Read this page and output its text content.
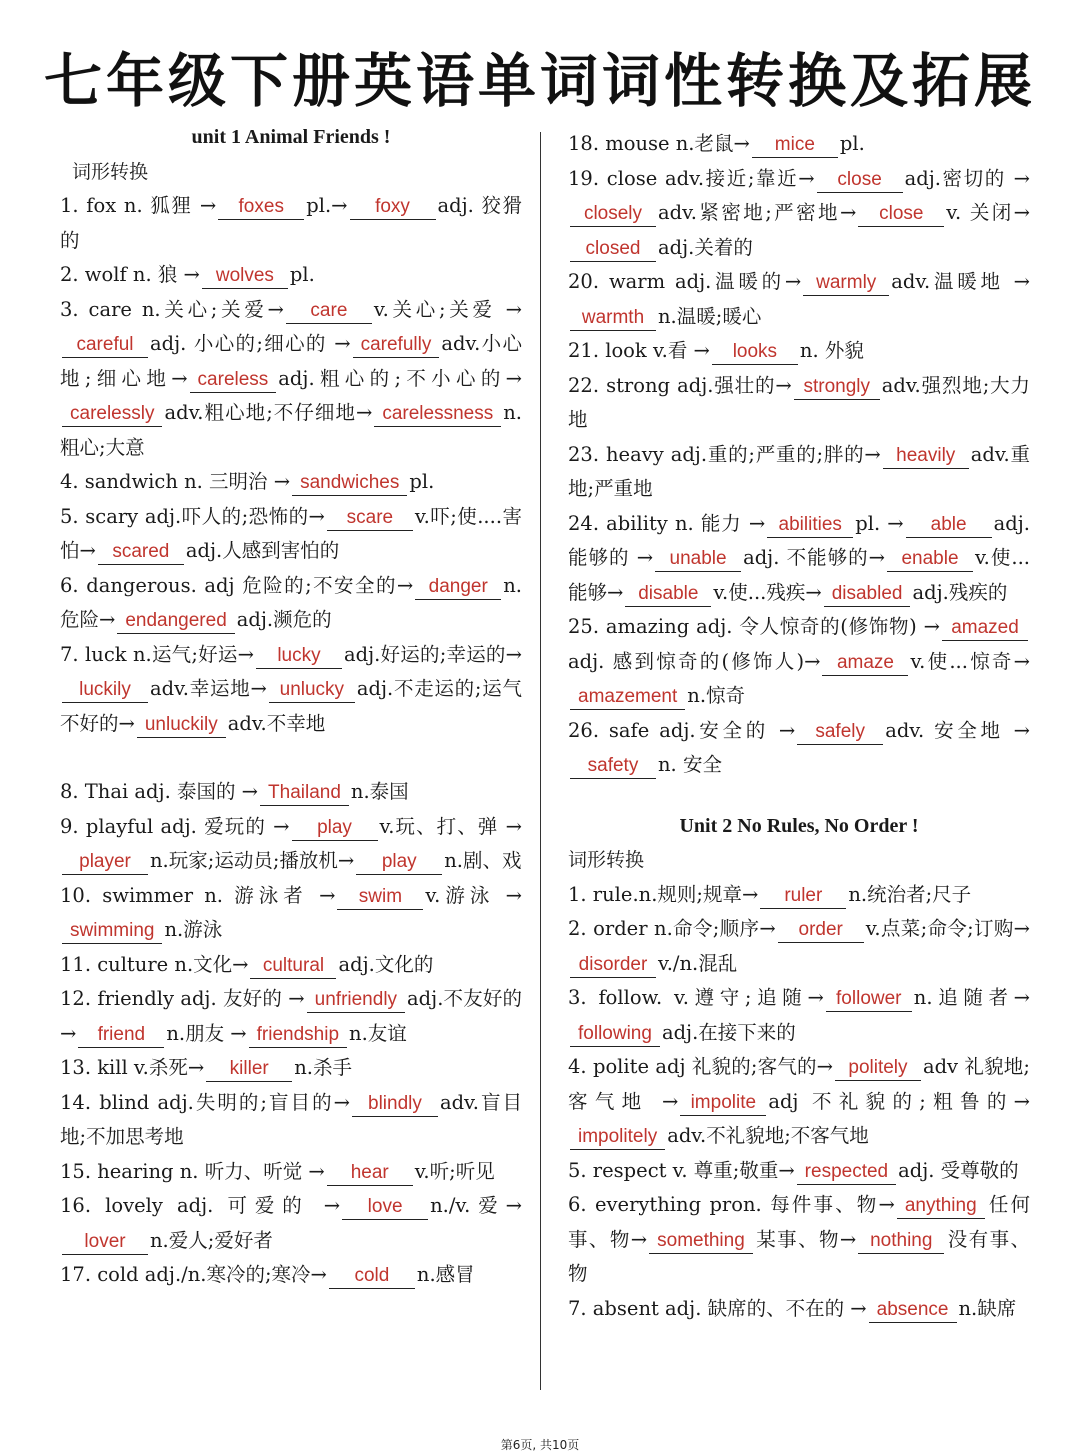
七年级下册英语单词词性转换及拓展

unit 1 Animal Friends !

词形转换

1. fox n. 狐狸 → foxes pl.→ foxy adj. 狡猾的

2. wolf n. 狼 → wolves pl.

3. care n.关心;关爱→ care v.关心;关爱 →careful adj. 小心的;细心的 → carefully adv.小心地;细心地→ careless adj.粗心的;不小心的→carelessly adv.粗心地;不仔细地→ carelessness n.粗心;大意

4. sandwich n. 三明治 → sandwiches pl.

5. scary adj.吓人的;恐怖的→ scare v.吓;使....害怕→ scared adj.人感到害怕的

6. dangerous. adj 危险的;不安全的→ danger n. 危险→ endangered adj.濒危的

7. luck n.运气;好运→ lucky adj.好运的;幸运的→luckily adv.幸运地→ unlucky adj.不走运的;运气不好的→ unluckily adv.不幸地

8. Thai adj. 泰国的 → Thailand n.泰国

9. playful adj. 爱玩的 → play v.玩、打、弹 →player n.玩家;运动员;播放机→ play n.剧、戏

10. swimmer n. 游泳者 → swim v.游泳 →swimming n.游泳

11. culture n.文化→ cultural adj.文化的

12. friendly adj. 友好的 → unfriendly adj.不友好的→ friend n.朋友 → friendship n.友谊

13. kill v.杀死→ killer n.杀手

14. blind adj.失明的;盲目的→ blindly adv.盲目地;不加思考地

15. hearing n. 听力、听觉 → hear v.听;听见

16. lovely adj. 可爱的 → love n./v.爱→lover n.爱人;爱好者

17. cold adj./n.寒冷的;寒冷→ cold n.感冒

18. mouse n.老鼠→ mice pl.

19. close adv.接近;靠近→ close adj.密切的 →closely adv.紧密地;严密地→ close v. 关闭→closed adj.关着的

20. warm adj.温暖的→ warmly adv.温暖地 →warmth n.温暖;暖心

21. look v.看 → looks n. 外貌

22. strong adj.强壮的→ strongly adv.强烈地;大力地

23. heavy adj.重的;严重的;胖的→ heavily adv.重地;严重地

24. ability n. 能力 → abilities pl. → able adj. 能够的 → unable adj. 不能够的→ enable v.使...能够→ disable v.使...残疾→ disabled adj.残疾的

25. amazing adj. 令人惊奇的(修饰物) → amazedadj. 感到惊奇的(修饰人)→ amaze v.使...惊奇→amazement n.惊奇

26. safe adj.安全的 → safely adv. 安全地 →safety n. 安全

Unit 2 No Rules, No Order !

词形转换

1. rule.n.规则;规章→ ruler n.统治者;尺子

2. order n.命令;顺序→ order v.点菜;命令;订购→disorder v./n.混乱

3. follow. v.遵守;追随→ follower n.追随者→following adj.在接下来的

4. polite adj 礼貌的;客气的→ politely adv 礼貌地;客气地 → impolite adj 不礼貌的;粗鲁的→impolitely adv.不礼貌地;不客气地

5. respect v. 尊重;敬重→ respected adj. 受尊敬的

6. everything pron. 每件事、物→ anything 任何事、物→ something 某事、物→ nothing 没有事、物

7. absent adj. 缺席的、不在的 → absence n.缺席

第6页, 共10页
